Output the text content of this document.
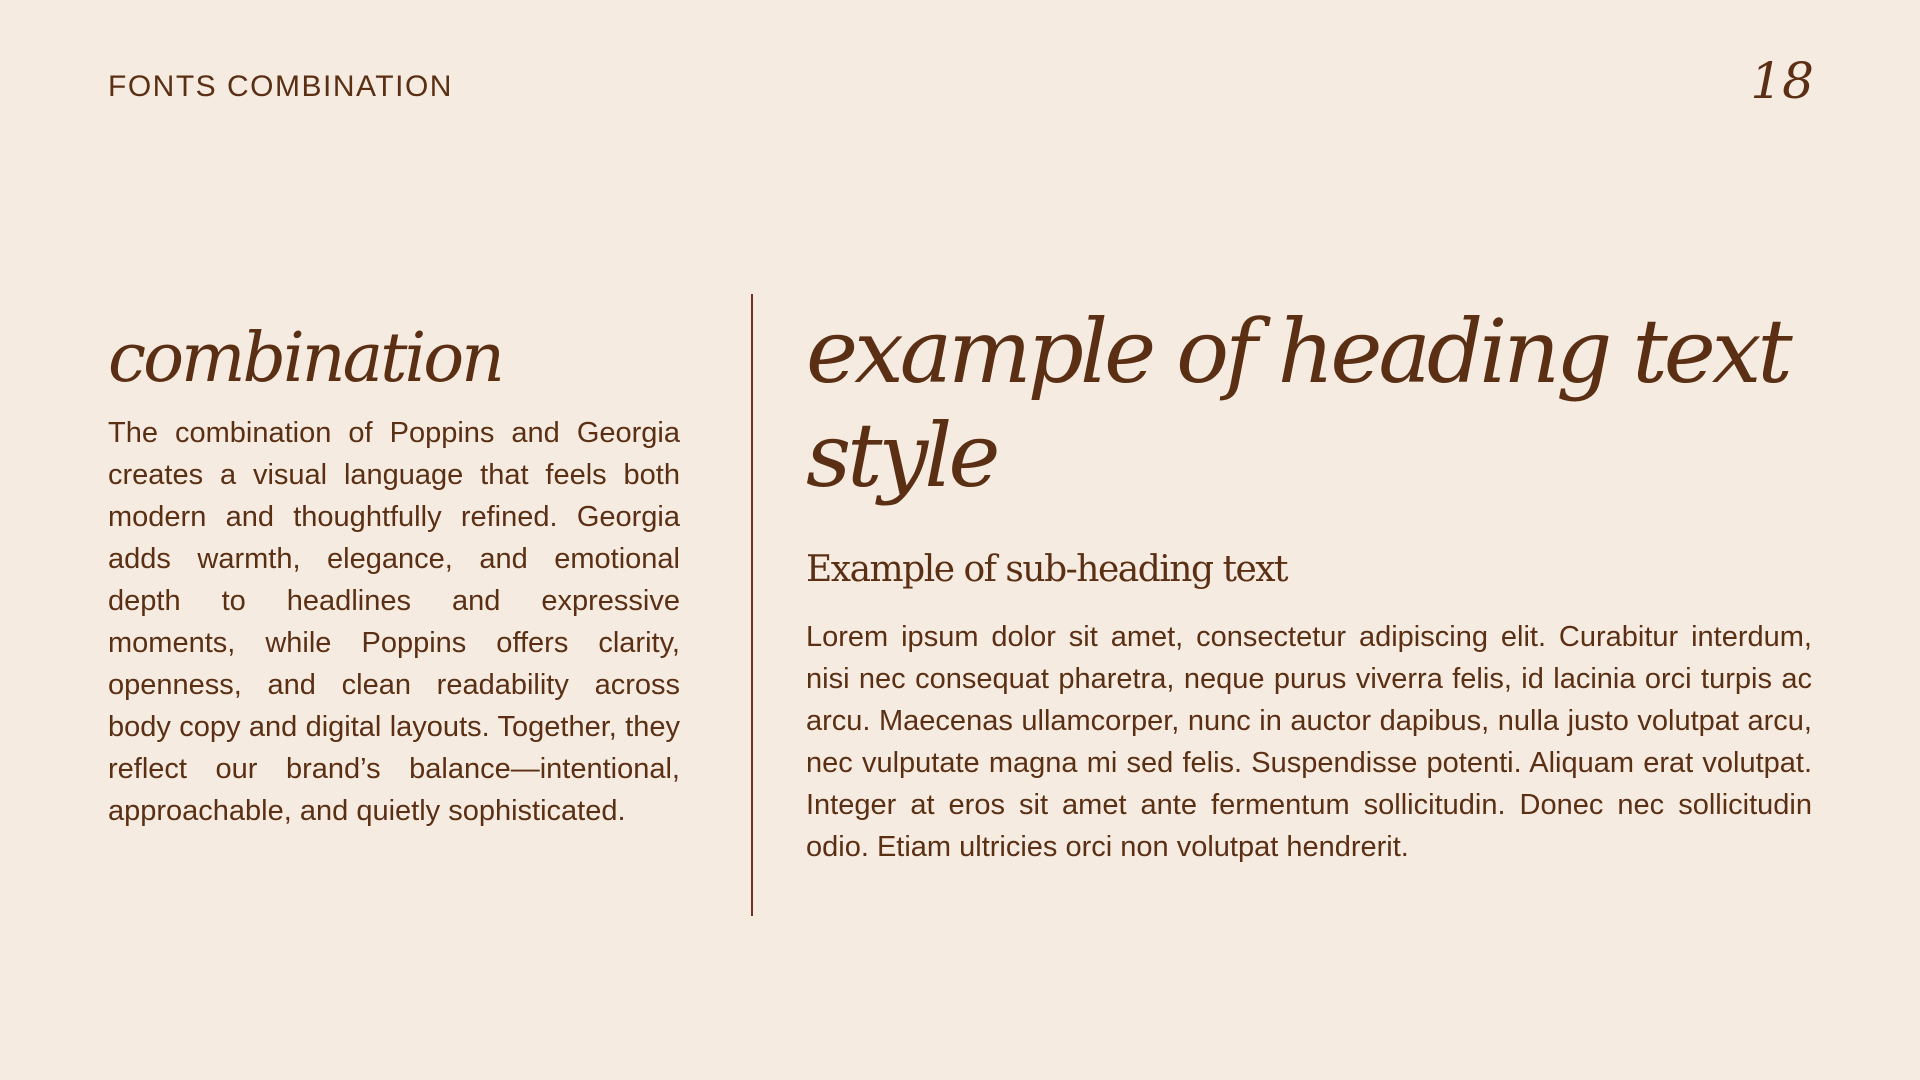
FONTS COMBINATION	18
combination

The combination of Poppins and Georgia creates a visual language that feels both modern and thoughtfully refined. Georgia adds warmth, elegance, and emotional depth to headlines and expressive moments, while Poppins offers clarity, openness, and clean readability across body copy and digital layouts. Together, they reflect our brand’s balance—intentional, approachable, and quietly sophisticated.

example of heading text style
Example of sub-heading text

Lorem ipsum dolor sit amet, consectetur adipiscing elit. Curabitur interdum, nisi nec consequat pharetra, neque purus viverra felis, id lacinia orci turpis ac arcu. Maecenas ullamcorper, nunc in auctor dapibus, nulla justo volutpat arcu, nec vulputate magna mi sed felis. Suspendisse potenti. Aliquam erat volutpat. Integer at eros sit amet ante fermentum sollicitudin. Donec nec sollicitudin odio. Etiam ultricies orci non volutpat hendrerit.
